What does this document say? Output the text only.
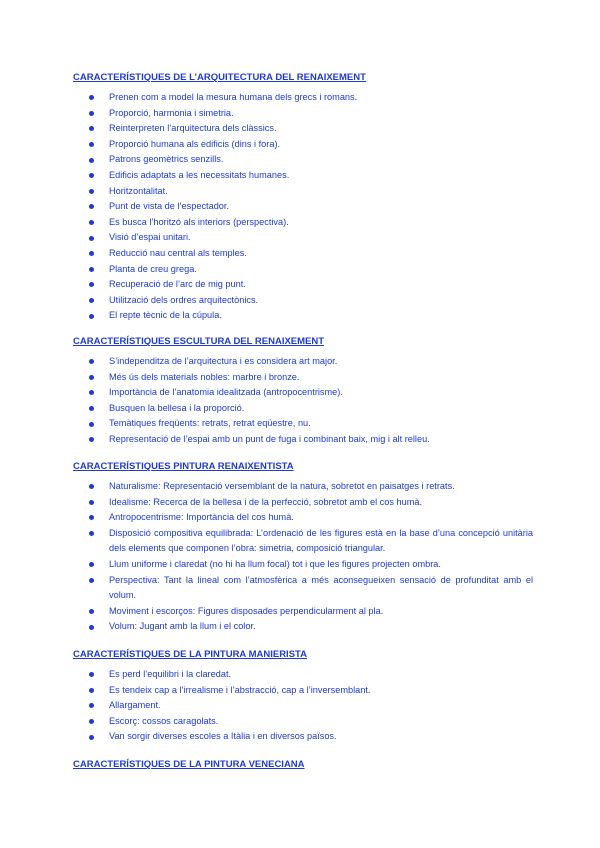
CARACTERÍSTIQUES DE L’ARQUITECTURA DEL RENAIXEMENT

Prenen com a model la mesura humana dels grecs i romans.
Proporció, harmonia i simetria.
Reinterpreten l’arquitectura dels clàssics.
Proporció humana als edificis (dins i fora).
Patrons geomètrics senzills.
Edificis adaptats a les necessitats humanes.
Horitzontalitat.
Punt de vista de l’espectador.
Es busca l’horitzó als interiors (perspectiva).
Visió d’espai unitari.
Reducció nau central als temples.
Planta de creu grega.
Recuperació de l’arc de mig punt.
Utilització dels ordres arquitectònics.
El repte tècnic de la cúpula.

CARACTERÍSTIQUES ESCULTURA DEL RENAIXEMENT

S’independitza de l’arquitectura i es considera art major.
Més ús dels materials nobles: marbre i bronze.
Importància de l’anatomia idealitzada (antropocentrisme).
Busquen la bellesa i la proporció.
Temàtiques freqüents: retrats, retrat eqüestre, nu.
Representació de l’espai amb un punt de fuga i combinant baix, mig i alt relleu.

CARACTERÍSTIQUES PINTURA RENAIXENTISTA

Naturalisme: Representació versemblant de la natura, sobretot en paisatges i retrats.
Idealisme: Recerca de la bellesa i de la perfecció, sobretot amb el cos humà.
Antropocentrisme: Importància del cos humà.
Disposició compositiva equilibrada: L’ordenació de les figures està en la base d’una concepció unitària dels elements que componen l’obra: simetria, composició triangular.
Llum uniforme i claredat (no hi ha llum focal) tot i que les figures projecten ombra.
Perspectiva: Tant la lineal com l’atmosfèrica a més aconsegueixen sensació de profunditat amb el volum.
Moviment i escorços: Figures disposades perpendicularment al pla.
Volum: Jugant amb la llum i el color.

CARACTERÍSTIQUES DE LA PINTURA MANIERISTA

Es perd l’equilibri i la claredat.
Es tendeix cap a l’irrealisme i l’abstracció, cap a l’inversemblant.
Allargament.
Escorç: cossos caragolats.
Van sorgir diverses escoles a Itàlia i en diversos països.

CARACTERÍSTIQUES DE LA PINTURA VENECIANA
